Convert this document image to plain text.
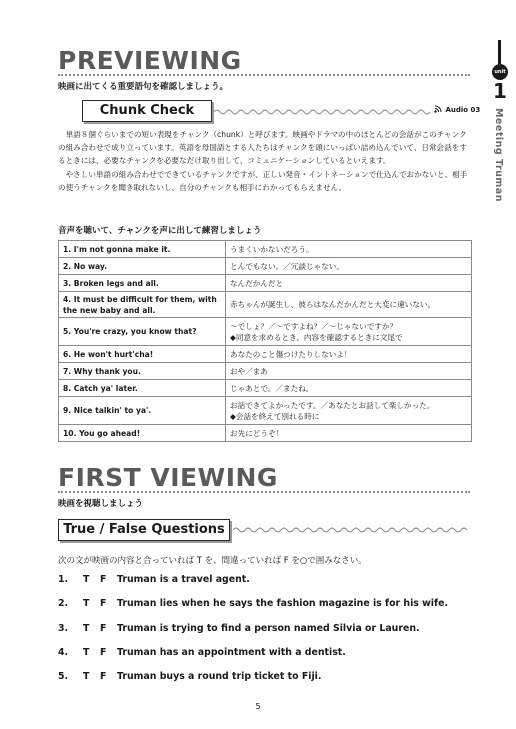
PREVIEWING
映画に出てくる重要語句を確認しましょう。
unit
1
Meeting Truman
Chunk Check	Audio 03

単語８個ぐらいまでの短い表現をチャンク（chunk）と呼びます。映画やドラマの中のほとんどの会話がこのチャンクの組み合わせで成り立っています。英語を母国語とする人たちはチャンクを頭にいっぱい詰め込んでいて、日常会話をするときには、必要なチャンクを必要なだけ取り出して、コミュニケーションしているといえます。

やさしい単語の組み合わせでできているチャンクですが、正しい発音・イントネーションで仕込んでおかないと、相手の使うチャンクを聞き取れないし、自分のチャンクも相手にわかってもらえません。

音声を聴いて、チャンクを声に出して練習しましょう
1. I'm not gonna make it.	うまくいかないだろう。
2. No way.	とんでもない。／冗談じゃない。
3. Broken legs and all.	なんだかんだと
4. It must be difficult for them, with the new baby and all.	赤ちゃんが誕生し、彼らはなんだかんだと大変に違いない。
5. You're crazy, you know that?	～でしょ？／～ですよね？／～じゃないですか？
◆同意を求めるとき、内容を確認するときに文尾で

6. He won't hurt'cha!	あなたのこと傷つけたりしないよ！
7. Why thank you.	おや／まあ
8. Catch ya' later.	じゃあとで。／またね。
9. Nice talkin' to ya'.	お話できてよかったです。／あなたとお話して楽しかった。
◆会話を終えて別れる時に

10. You go ahead!	お先にどうぞ！
FIRST VIEWING
映画を視聴しましょう
True / False Questions
次の文が映画の内容と合っていれば T を、間違っていれば F を○で囲みなさい。
1. T F Truman is a travel agent.
2. T F Truman lies when he says the fashion magazine is for his wife.
3. T F Truman is trying to find a person named Silvia or Lauren.
4. T F Truman has an appointment with a dentist.
5. T F Truman buys a round trip ticket to Fiji.
5
